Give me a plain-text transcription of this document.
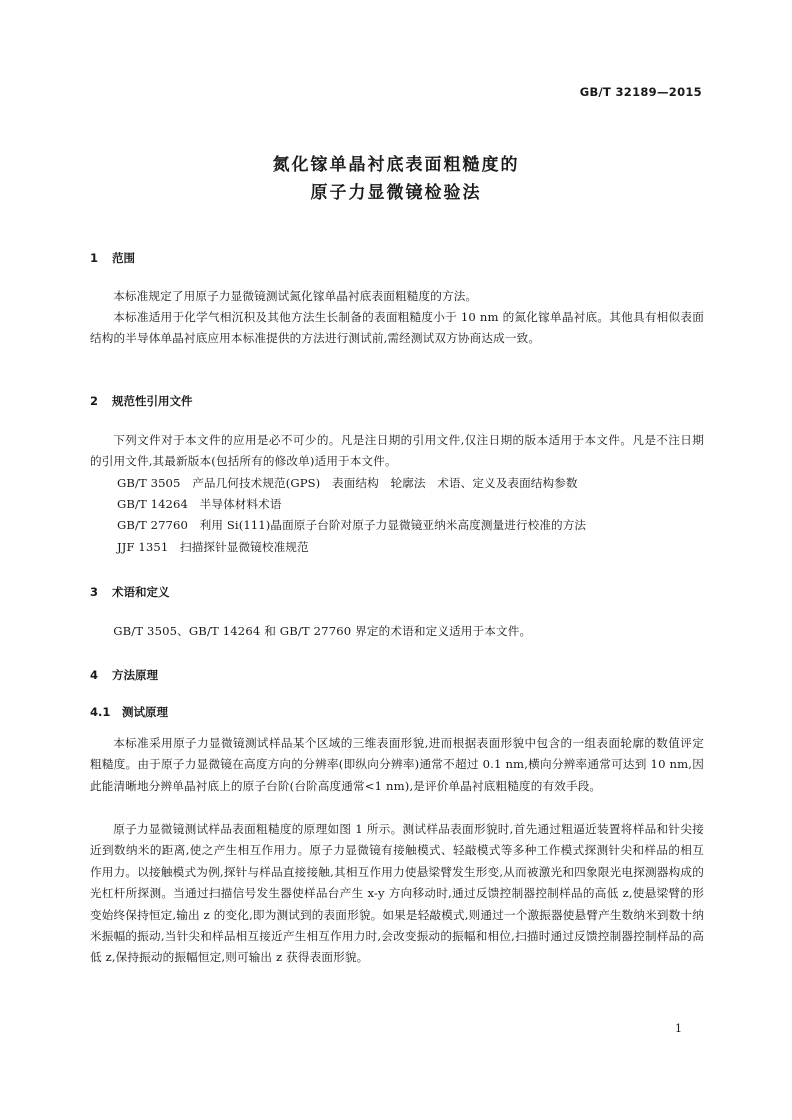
GB/T 32189—2015
氮化镓单晶衬底表面粗糙度的
原子力显微镜检验法
1 范围
本标准规定了用原子力显微镜测试氮化镓单晶衬底表面粗糙度的方法。
本标准适用于化学气相沉积及其他方法生长制备的表面粗糙度小于 10 nm 的氮化镓单晶衬底。其他具有相似表面结构的半导体单晶衬底应用本标准提供的方法进行测试前,需经测试双方协商达成一致。
2 规范性引用文件
下列文件对于本文件的应用是必不可少的。凡是注日期的引用文件,仅注日期的版本适用于本文件。凡是不注日期的引用文件,其最新版本(包括所有的修改单)适用于本文件。
GB/T 3505　产品几何技术规范(GPS)　表面结构　轮廓法　术语、定义及表面结构参数
GB/T 14264　半导体材料术语
GB/T 27760　利用 Si(111)晶面原子台阶对原子力显微镜亚纳米高度测量进行校准的方法
JJF 1351　扫描探针显微镜校准规范
3 术语和定义
GB/T 3505、GB/T 14264 和 GB/T 27760 界定的术语和定义适用于本文件。
4 方法原理
4.1 测试原理
本标准采用原子力显微镜测试样品某个区域的三维表面形貌,进而根据表面形貌中包含的一组表面轮廓的数值评定粗糙度。由于原子力显微镜在高度方向的分辨率(即纵向分辨率)通常不超过 0.1 nm,横向分辨率通常可达到 10 nm,因此能清晰地分辨单晶衬底上的原子台阶(台阶高度通常<1 nm),是评价单晶衬底粗糙度的有效手段。
原子力显微镜测试样品表面粗糙度的原理如图 1 所示。测试样品表面形貌时,首先通过粗逼近装置将样品和针尖接近到数纳米的距离,使之产生相互作用力。原子力显微镜有接触模式、轻敲模式等多种工作模式探测针尖和样品的相互作用力。以接触模式为例,探针与样品直接接触,其相互作用力使悬梁臂发生形变,从而被激光和四象限光电探测器构成的光杠杆所探测。当通过扫描信号发生器使样品台产生 x-y 方向移动时,通过反馈控制器控制样品的高低 z,使悬梁臂的形变始终保持恒定,输出 z 的变化,即为测试到的表面形貌。如果是轻敲模式,则通过一个激振器使悬臂产生数纳米到数十纳米振幅的振动,当针尖和样品相互接近产生相互作用力时,会改变振动的振幅和相位,扫描时通过反馈控制器控制样品的高低 z,保持振动的振幅恒定,则可输出 z 获得表面形貌。
1
